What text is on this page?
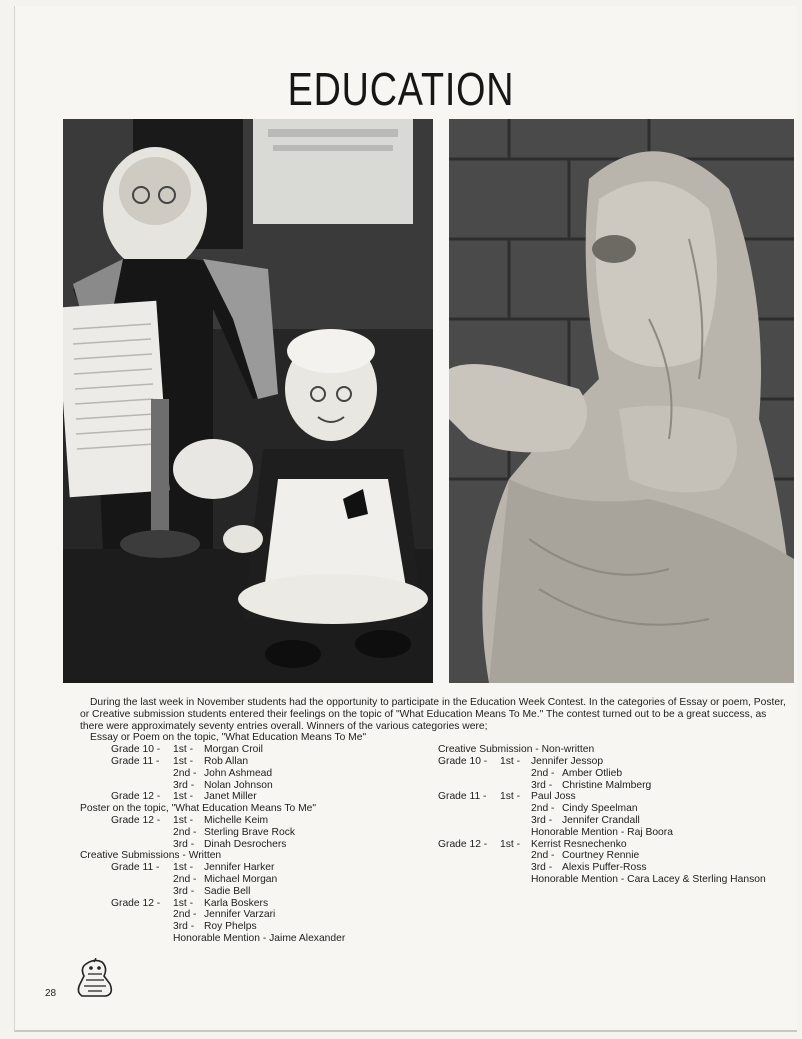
EDUCATION

During the last week in November students had the opportunity to participate in the Education Week Contest. In the categories of Essay or poem, Poster, or Creative submission students entered their feelings on the topic of "What Education Means To Me." The contest turned out to be a great success, as there were approximately seventy entries overall. Winners of the various categories were;

Essay or Poem on the topic, "What Education Means To Me"

Grade 10 - 1st - Morgan Croil
Grade 11 - 1st - Rob Allan
2nd - John Ashmead
3rd - Nolan Johnson
Grade 12 - 1st - Janet Miller
Poster on the topic, "What Education Means To Me"
Grade 12 - 1st - Michelle Keim
2nd - Sterling Brave Rock
3rd - Dinah Desrochers
Creative Submissions - Written
Grade 11 - 1st - Jennifer Harker
2nd - Michael Morgan
3rd - Sadie Bell
Grade 12 - 1st - Karla Boskers
2nd - Jennifer Varzari
3rd - Roy Phelps
Honorable Mention - Jaime Alexander
Creative Submission - Non-written
Grade 10 - 1st - Jennifer Jessop
2nd - Amber Otlieb
3rd - Christine Malmberg
Grade 11 - 1st - Paul Joss
2nd - Cindy Speelman
3rd - Jennifer Crandall
Honorable Mention - Raj Boora
Grade 12 - 1st - Kerrist Resnechenko
2nd - Courtney Rennie
3rd - Alexis Puffer-Ross
Honorable Mention - Cara Lacey & Sterling Hanson
28
